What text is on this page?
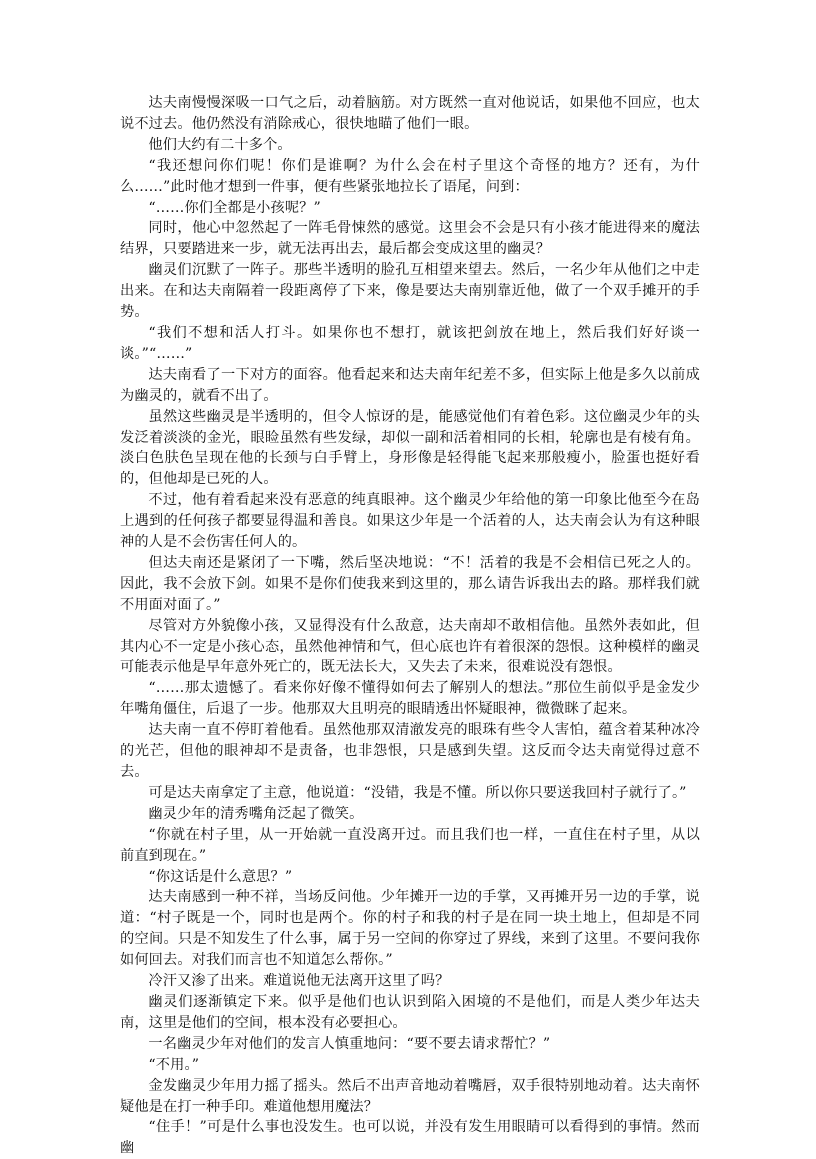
达夫南慢慢深吸一口气之后，动着脑筋。对方既然一直对他说话，如果他不回应，也太说不过去。他仍然没有消除戒心，很快地瞄了他们一眼。

他们大约有二十多个。

“我还想问你们呢！你们是谁啊？为什么会在村子里这个奇怪的地方？还有，为什么……”此时他才想到一件事，便有些紧张地拉长了语尾，问到：

“……你们全都是小孩呢？”

同时，他心中忽然起了一阵毛骨悚然的感觉。这里会不会是只有小孩才能进得来的魔法结界，只要踏进来一步，就无法再出去，最后都会变成这里的幽灵？

幽灵们沉默了一阵子。那些半透明的脸孔互相望来望去。然后，一名少年从他们之中走出来。在和达夫南隔着一段距离停了下来，像是要达夫南别靠近他，做了一个双手摊开的手势。

“我们不想和活人打斗。如果你也不想打，就该把剑放在地上，然后我们好好谈一谈。”“……”

达夫南看了一下对方的面容。他看起来和达夫南年纪差不多，但实际上他是多久以前成为幽灵的，就看不出了。

虽然这些幽灵是半透明的，但令人惊讶的是，能感觉他们有着色彩。这位幽灵少年的头发泛着淡淡的金光，眼睑虽然有些发绿，却似一副和活着相同的长相，轮廓也是有棱有角。淡白色肤色呈现在他的长颈与白手臂上，身形像是轻得能飞起来那般瘦小，脸蛋也挺好看的，但他却是已死的人。

不过，他有着看起来没有恶意的纯真眼神。这个幽灵少年给他的第一印象比他至今在岛上遇到的任何孩子都要显得温和善良。如果这少年是一个活着的人，达夫南会认为有这种眼神的人是不会伤害任何人的。

但达夫南还是紧闭了一下嘴，然后坚决地说：“不！活着的我是不会相信已死之人的。因此，我不会放下剑。如果不是你们使我来到这里的，那么请告诉我出去的路。那样我们就不用面对面了。”

尽管对方外貌像小孩，又显得没有什么敌意，达夫南却不敢相信他。虽然外表如此，但其内心不一定是小孩心态，虽然他神情和气，但心底也许有着很深的怨恨。这种模样的幽灵可能表示他是早年意外死亡的，既无法长大，又失去了未来，很难说没有怨恨。

“……那太遗憾了。看来你好像不懂得如何去了解别人的想法。”那位生前似乎是金发少年嘴角僵住，后退了一步。他那双大且明亮的眼睛透出怀疑眼神，微微眯了起来。

达夫南一直不停盯着他看。虽然他那双清澈发亮的眼珠有些令人害怕，蕴含着某种冰冷的光芒，但他的眼神却不是责备，也非怨恨，只是感到失望。这反而令达夫南觉得过意不去。

可是达夫南拿定了主意，他说道：“没错，我是不懂。所以你只要送我回村子就行了。”

幽灵少年的清秀嘴角泛起了微笑。

“你就在村子里，从一开始就一直没离开过。而且我们也一样，一直住在村子里，从以前直到现在。”

“你这话是什么意思？”

达夫南感到一种不祥，当场反问他。少年摊开一边的手掌，又再摊开另一边的手掌，说道：“村子既是一个，同时也是两个。你的村子和我的村子是在同一块土地上，但却是不同的空间。只是不知发生了什么事，属于另一空间的你穿过了界线，来到了这里。不要问我你如何回去。对我们而言也不知道怎么帮你。”

冷汗又渗了出来。难道说他无法离开这里了吗？

幽灵们逐渐镇定下来。似乎是他们也认识到陷入困境的不是他们，而是人类少年达夫南，这里是他们的空间，根本没有必要担心。

一名幽灵少年对他们的发言人慎重地问：“要不要去请求帮忙？”

“不用。”

金发幽灵少年用力摇了摇头。然后不出声音地动着嘴唇，双手很特别地动着。达夫南怀疑他是在打一种手印。难道他想用魔法？

“住手！”可是什么事也没发生。也可以说，并没有发生用眼睛可以看得到的事情。然而幽
